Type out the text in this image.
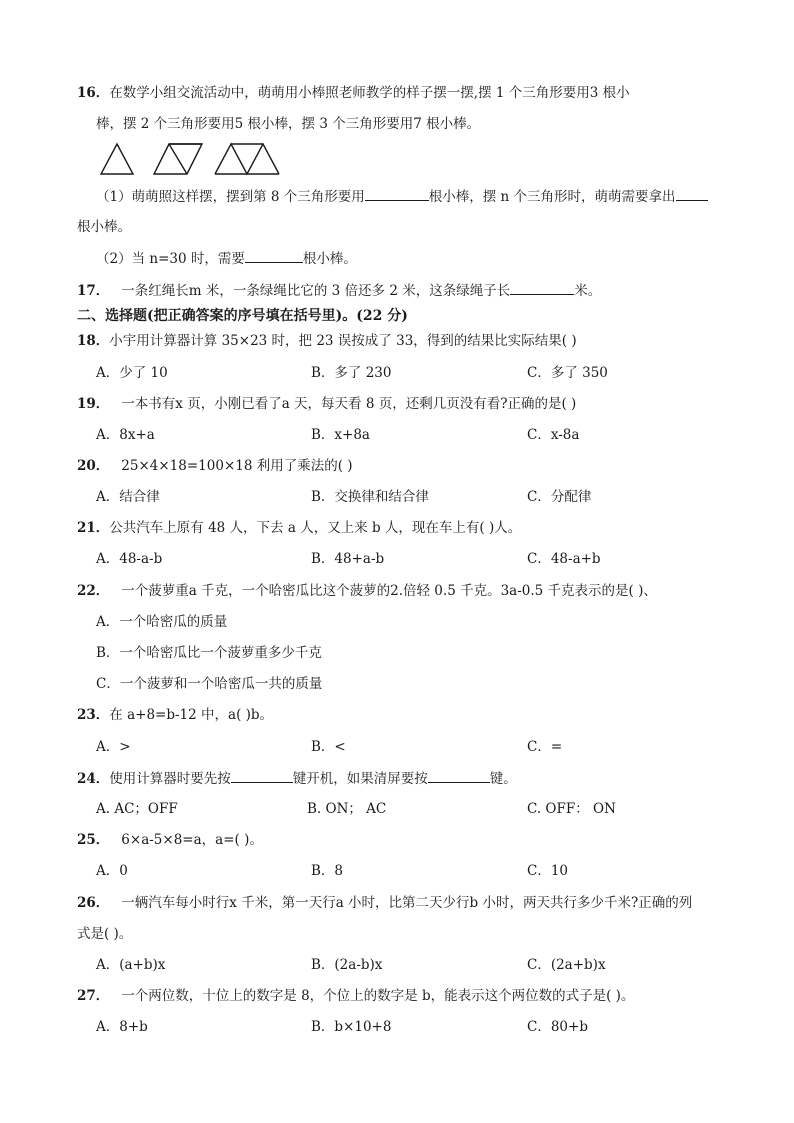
16．在数学小组交流活动中，萌萌用小棒照老师教学的样子摆一摆,摆 1 个三角形要用3 根小
棒，摆 2 个三角形要用5 根小棒，摆 3 个三角形要用7 根小棒。
（1）萌萌照这样摆，摆到第 8 个三角形要用	根小棒，摆 n 个三角形时，萌萌需要拿出
根小棒。
（2）当 n=30 时，需要	根小棒。
17． 一条红绳长m 米，一条绿绳比它的 3 倍还多 2 米，这条绿绳子长	米。
二、选择题(把正确答案的序号填在括号里)。(22 分)
18．小宇用计算器计算 35×23 时，把 23 误按成了 33，得到的结果比实际结果( )
A．少了 10	B．多了 230	C．多了 350
19． 一本书有x 页，小刚已看了a 天，每天看 8 页，还剩几页没有看?正确的是( )
A．8x+a	B．x+8a	C．x-8a
20． 25×4×18=100×18 利用了乘法的( )
A．结合律	B．交换律和结合律	C．分配律
21．公共汽车上原有 48 人，下去 a 人，又上来 b 人，现在车上有( )人。
A．48-a-b	B．48+a-b	C．48-a+b
22． 一个菠萝重a 千克，一个哈密瓜比这个菠萝的2.倍轻 0.5 千克。3a-0.5 千克表示的是( )、
A．一个哈密瓜的质量
B．一个哈密瓜比一个菠萝重多少千克
C．一个菠萝和一个哈密瓜一共的质量
23．在 a+8=b-12 中，a( )b。
A．>	B．<	C．=
24．使用计算器时要先按	键开机，如果清屏要按	键。
A. AC；OFF	B. ON； AC	C. OFF： ON
25． 6×a-5×8=a，a=( )。
A．0	B．8	C．10
26． 一辆汽车每小时行x 千米，第一天行a 小时，比第二天少行b 小时，两天共行多少千米?正确的列
式是( )。
A．(a+b)x	B．(2a-b)x	C．(2a+b)x
27． 一个两位数，十位上的数字是 8，个位上的数字是 b，能表示这个两位数的式子是( )。
A．8+b	B．b×10+8	C．80+b
